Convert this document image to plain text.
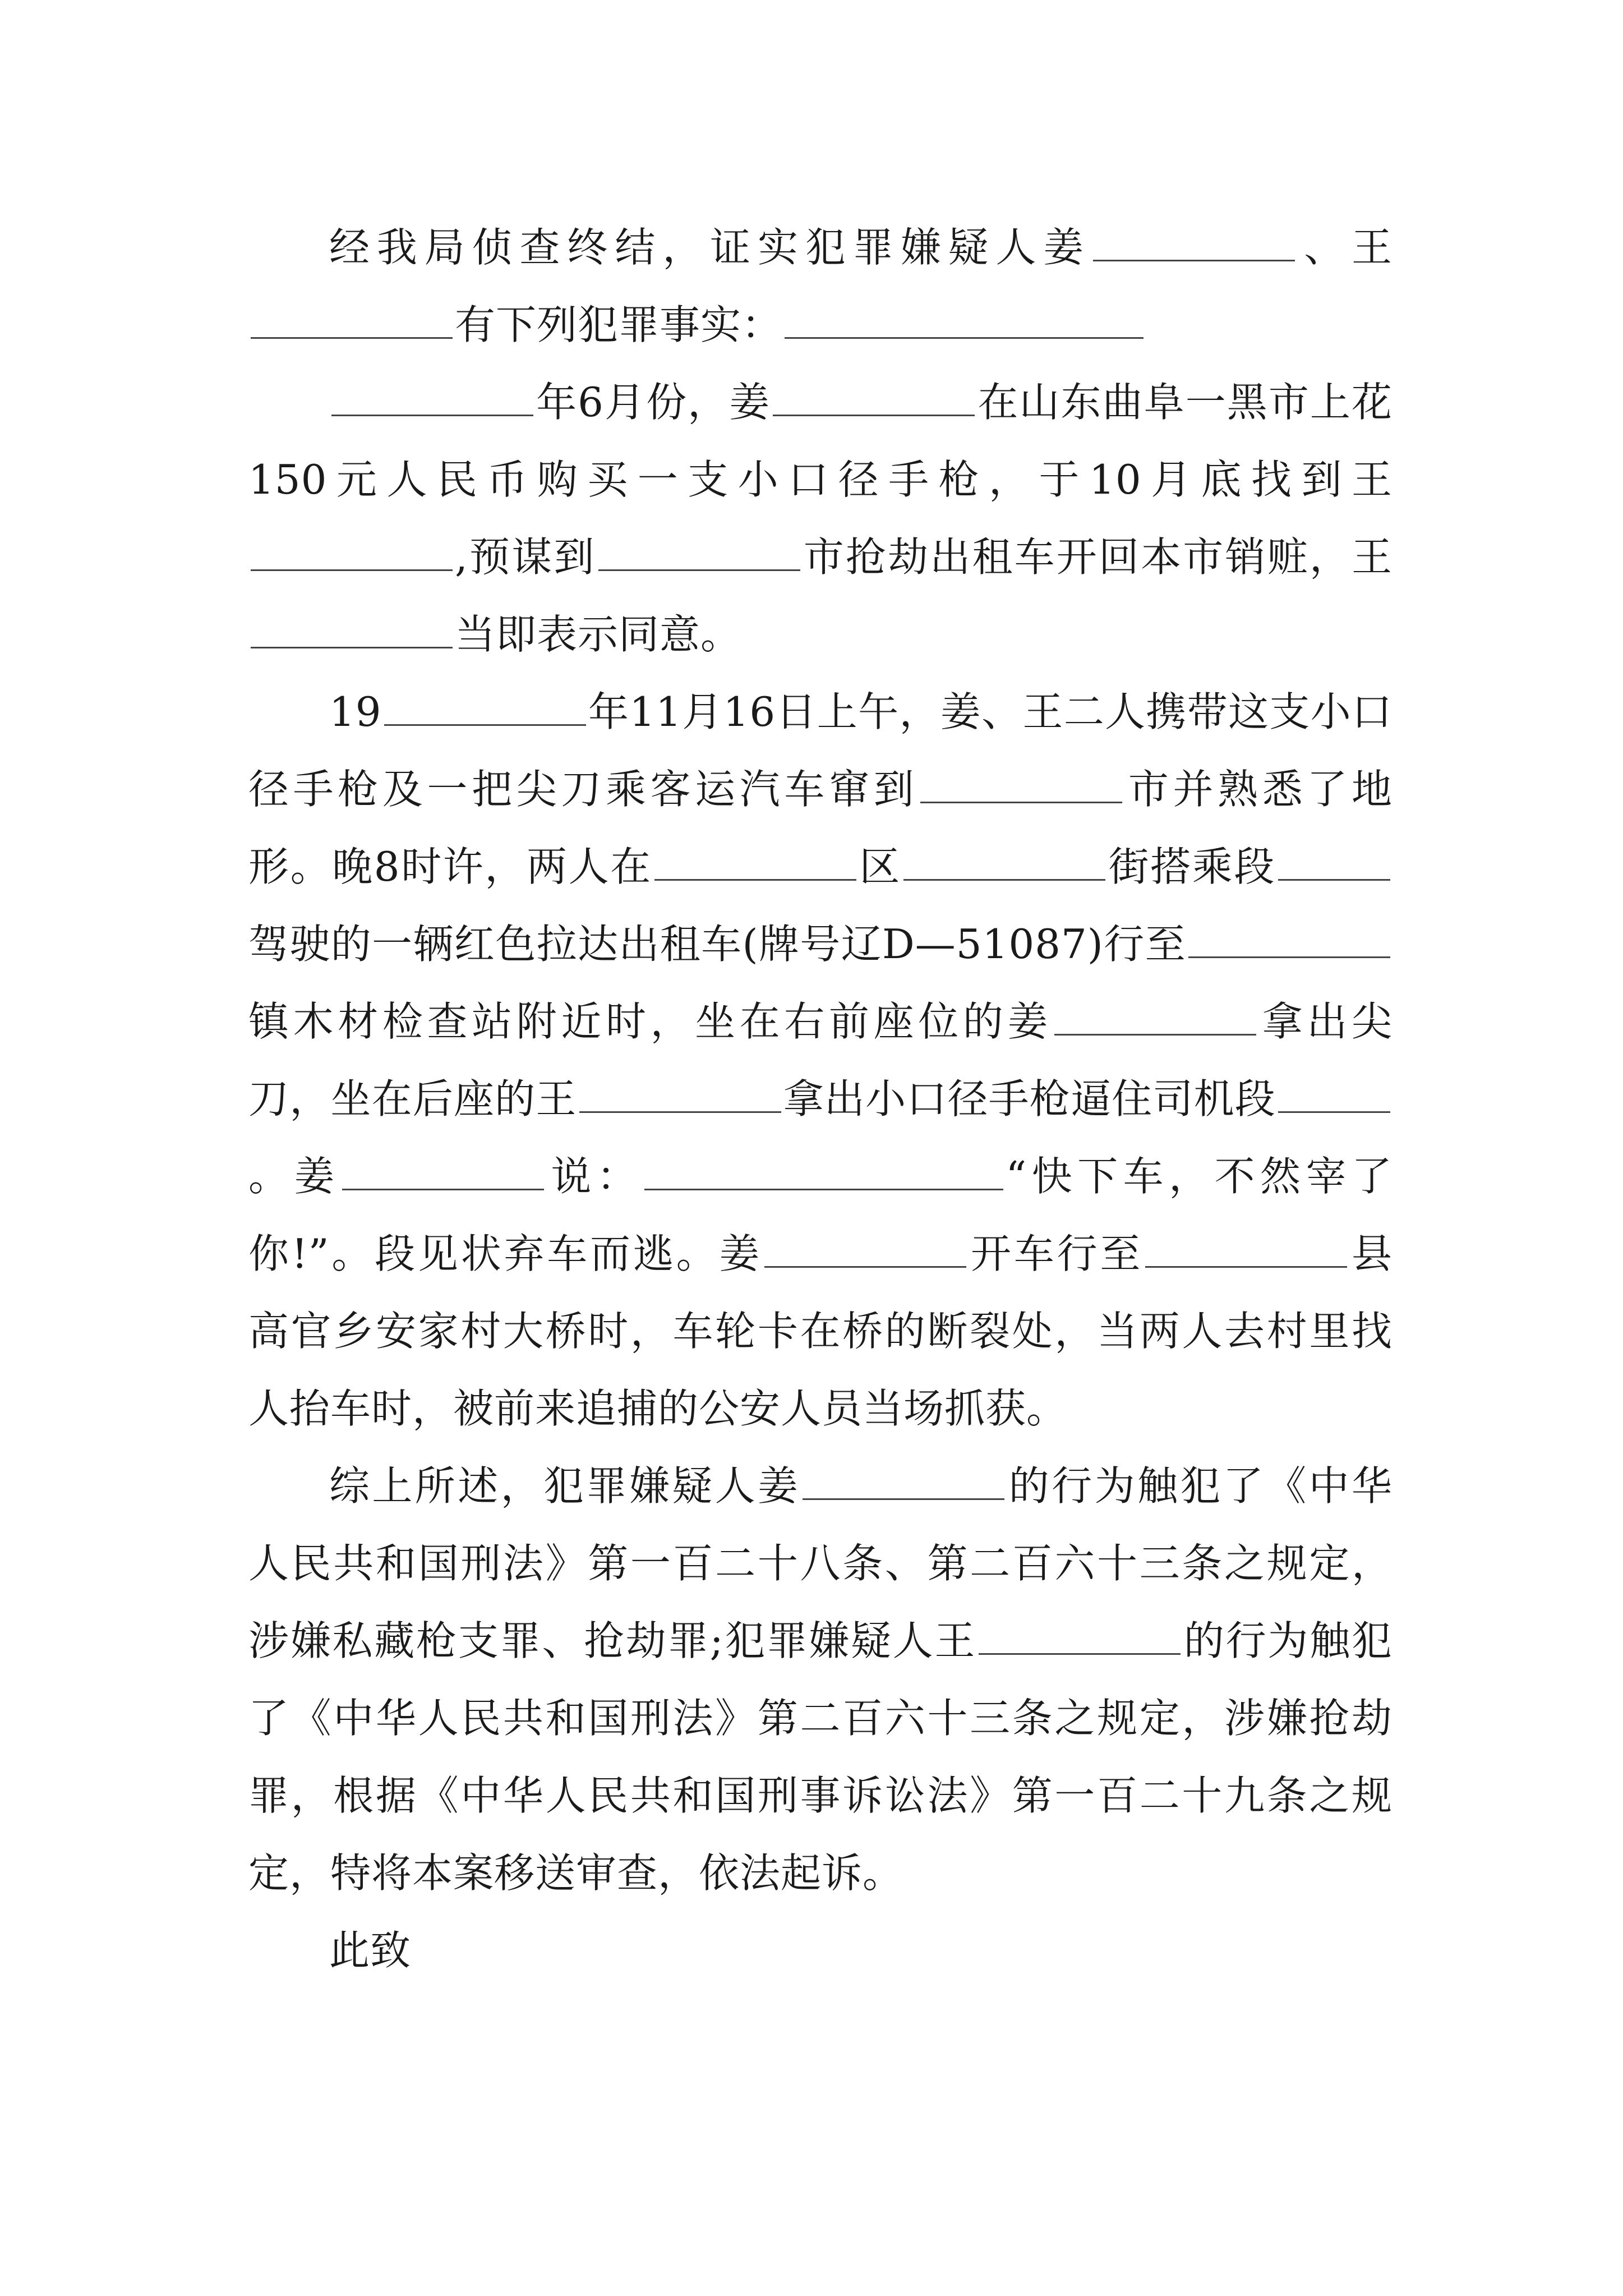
经我局侦查终结，证实犯罪嫌疑人姜	、王有下列犯罪事实：

年6月份，姜	在山东曲阜一黑市上花150元人民币购买一支小口径手枪，于10月底找到王,预谋到	市抢劫出租车开回本市销赃，王当即表示同意。

19	年11月16日上午，姜、王二人携带这支小口径手枪及一把尖刀乘客运汽车窜到	市并熟悉了地形。晚8时许，两人在	区	街搭乘段驾驶的一辆红色拉达出租车(牌号辽D—51087)行至镇木材检查站附近时，坐在右前座位的姜	拿出尖刀，坐在后座的王	拿出小口径手枪逼住司机段。姜	说：	“快下车，不然宰了你!”。段见状弃车而逃。姜	开车行至	县高官乡安家村大桥时，车轮卡在桥的断裂处，当两人去村里找人抬车时，被前来追捕的公安人员当场抓获。

综上所述，犯罪嫌疑人姜	的行为触犯了《中华人民共和国刑法》第一百二十八条、第二百六十三条之规定，涉嫌私藏枪支罪、抢劫罪;犯罪嫌疑人王	的行为触犯了《中华人民共和国刑法》第二百六十三条之规定，涉嫌抢劫罪，根据《中华人民共和国刑事诉讼法》第一百二十九条之规定，特将本案移送审查，依法起诉。

此致
